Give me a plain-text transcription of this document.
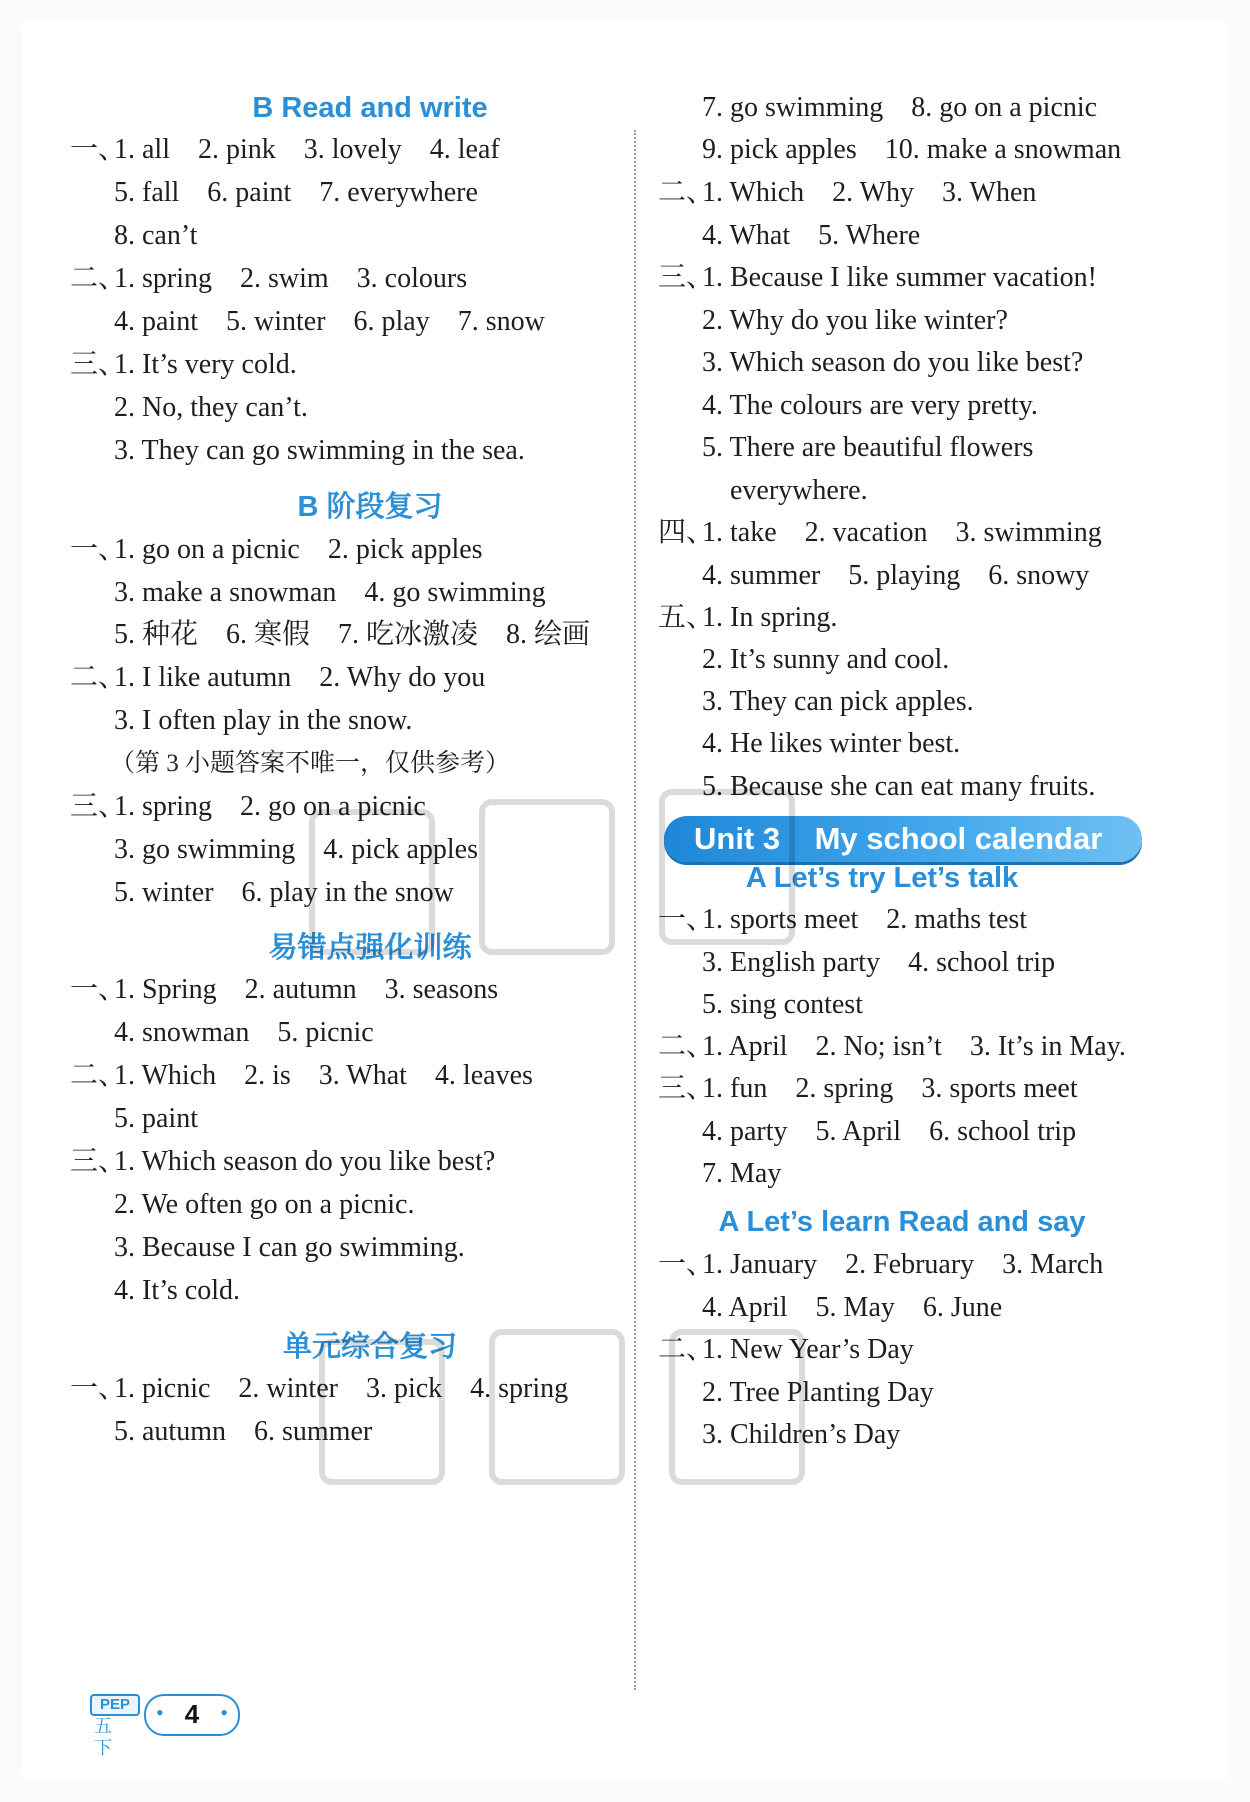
B Read and write
一、1. all    2. pink    3. lovely    4. leaf
5. fall    6. paint    7. everywhere
8. can’t
二、1. spring    2. swim    3. colours
4. paint    5. winter    6. play    7. snow
三、1. It’s very cold.
2. No, they can’t.
3. They can go swimming in the sea.
B 阶段复习
一、1. go on a picnic    2. pick apples
3. make a snowman    4. go swimming
5. 种花    6. 寒假    7. 吃冰激凌    8. 绘画
二、1. I like autumn    2. Why do you
3. I often play in the snow.
（第 3 小题答案不唯一，仅供参考）
三、1. spring    2. go on a picnic
3. go swimming    4. pick apples
5. winter    6. play in the snow
易错点强化训练
一、1. Spring    2. autumn    3. seasons
4. snowman    5. picnic
二、1. Which    2. is    3. What    4. leaves
5. paint
三、1. Which season do you like best?
2. We often go on a picnic.
3. Because I can go swimming.
4. It’s cold.
单元综合复习
一、1. picnic    2. winter    3. pick    4. spring
5. autumn    6. summer
7. go swimming    8. go on a picnic
9. pick apples    10. make a snowman
二、1. Which    2. Why    3. When
4. What    5. Where
三、1. Because I like summer vacation!
2. Why do you like winter?
3. Which season do you like best?
4. The colours are very pretty.
5. There are beautiful flowers
everywhere.
四、1. take    2. vacation    3. swimming
4. summer    5. playing    6. snowy
五、1. In spring.
2. It’s sunny and cool.
3. They can pick apples.
4. He likes winter best.
5. Because she can eat many fruits.
Unit 3    My school calendar
A Let’s try Let’s talk
一、1. sports meet    2. maths test
3. English party    4. school trip
5. sing contest
二、1. April    2. No; isn’t    3. It’s in May.
三、1. fun    2. spring    3. sports meet
4. party    5. April    6. school trip
7. May
A Let’s learn Read and say
一、1. January    2. February    3. March
4. April    5. May    6. June
二、1. New Year’s Day
2. Tree Planting Day
3. Children’s Day
PEP
五下
• 4 •
